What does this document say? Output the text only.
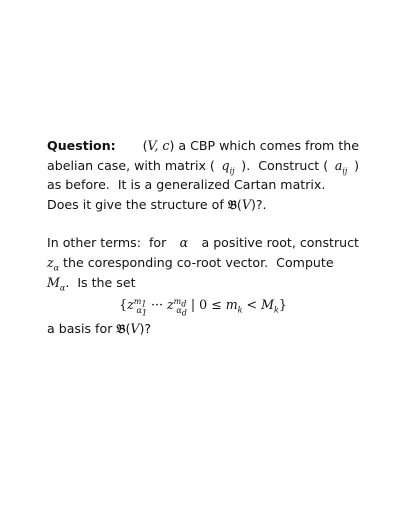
Question: (V, c) a CBP which comes from the
abelian case, with matrix ( $q_{ij}$ ).  Construct ( $a_{ij}$ )
as before.  It is a generalized Cartan matrix.
Does it give the structure of 𝔅(V)?.

In other terms:  for α a positive root, construct
$z_\alpha$ the coresponding co-root vector.  Compute
$M_\alpha$.  Is the set
{$z^{m_1}_{\alpha_1}$ ··· $z^{m_d}_{\alpha_d}$ | $0 \le m_k < M_k$}
a basis for 𝔅(V)?
